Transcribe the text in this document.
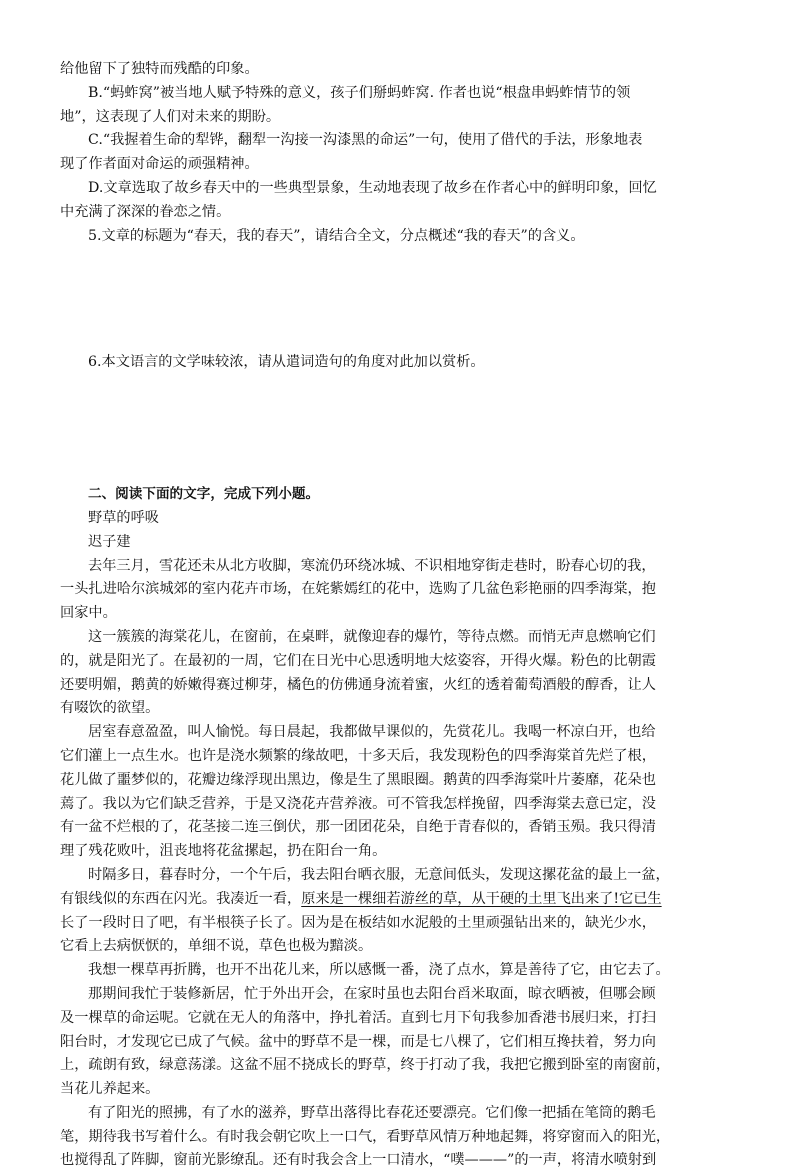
给他留下了独特而残酷的印象。
B.“蚂蚱窝”被当地人赋予特殊的意义，孩子们掰蚂蚱窝. 作者也说“根盘串蚂蚱情节的领
地”，这表现了人们对未来的期盼。
C.“我握着生命的犁铧，翻犁一沟接一沟漆黑的命运”一句，使用了借代的手法，形象地表
现了作者面对命运的顽强精神。
D.文章选取了故乡春天中的一些典型景象，生动地表现了故乡在作者心中的鲜明印象，回忆
中充满了深深的眷恋之情。
5.文章的标题为“春天，我的春天”，请结合全文，分点概述“我的春天”的含义。
6.本文语言的文学味较浓，请从遣词造句的角度对此加以赏析。
二、阅读下面的文字，完成下列小题。
野草的呼吸
迟子建
去年三月，雪花还未从北方收脚，寒流仍环绕冰城、不识相地穿街走巷时，盼春心切的我，
一头扎进哈尔滨城郊的室内花卉市场，在姹紫嫣红的花中，选购了几盆色彩艳丽的四季海棠，抱
回家中。
这一簇簇的海棠花儿，在窗前，在桌畔，就像迎春的爆竹，等待点燃。而悄无声息燃响它们
的，就是阳光了。在最初的一周，它们在日光中心思透明地大炫姿容，开得火爆。粉色的比朝霞
还要明媚，鹅黄的娇嫩得赛过柳芽，橘色的仿佛通身流着蜜，火红的透着葡萄酒般的醇香，让人
有啜饮的欲望。
居室春意盈盈，叫人愉悦。每日晨起，我都做早课似的，先赏花儿。我喝一杯凉白开，也给
它们灌上一点生水。也许是浇水频繁的缘故吧，十多天后，我发现粉色的四季海棠首先烂了根，
花儿做了噩梦似的，花瓣边缘浮现出黑边，像是生了黑眼圈。鹅黄的四季海棠叶片萎靡，花朵也
蔫了。我以为它们缺乏营养，于是又浇花卉营养液。可不管我怎样挽留，四季海棠去意已定，没
有一盆不烂根的了，花茎接二连三倒伏，那一团团花朵，自绝于青春似的，香销玉殒。我只得清
理了残花败叶，沮丧地将花盆摞起，扔在阳台一角。
时隔多日，暮春时分，一个午后，我去阳台晒衣服，无意间低头，发现这摞花盆的最上一盆，
有银线似的东西在闪光。我凑近一看，原来是一棵细若游丝的草，从干硬的土里飞出来了!它已生
长了一段时日了吧，有半根筷子长了。因为是在板结如水泥般的土里顽强钻出来的，缺光少水，
它看上去病恹恹的，单细不说，草色也极为黯淡。
我想一棵草再折腾，也开不出花儿来，所以感慨一番，浇了点水，算是善待了它，由它去了。
那期间我忙于装修新居，忙于外出开会，在家时虽也去阳台舀米取面，晾衣晒被，但哪会顾
及一棵草的命运呢。它就在无人的角落中，挣扎着活。直到七月下旬我参加香港书展归来，打扫
阳台时，才发现它已成了气候。盆中的野草不是一棵，而是七八棵了，它们相互搀扶着，努力向
上，疏朗有致，绿意荡漾。这盆不屈不挠成长的野草，终于打动了我，我把它搬到卧室的南窗前，
当花儿养起来。
有了阳光的照拂，有了水的滋养，野草出落得比春花还要漂亮。它们像一把插在笔筒的鹅毛
笔，期待我书写着什么。有时我会朝它吹上一口气，看野草风情万种地起舞，将穿窗而入的阳光，
也搅得乱了阵脚，窗前光影缭乱。还有时我会含上一口清水，“噗———”的一声，将清水喷射到
